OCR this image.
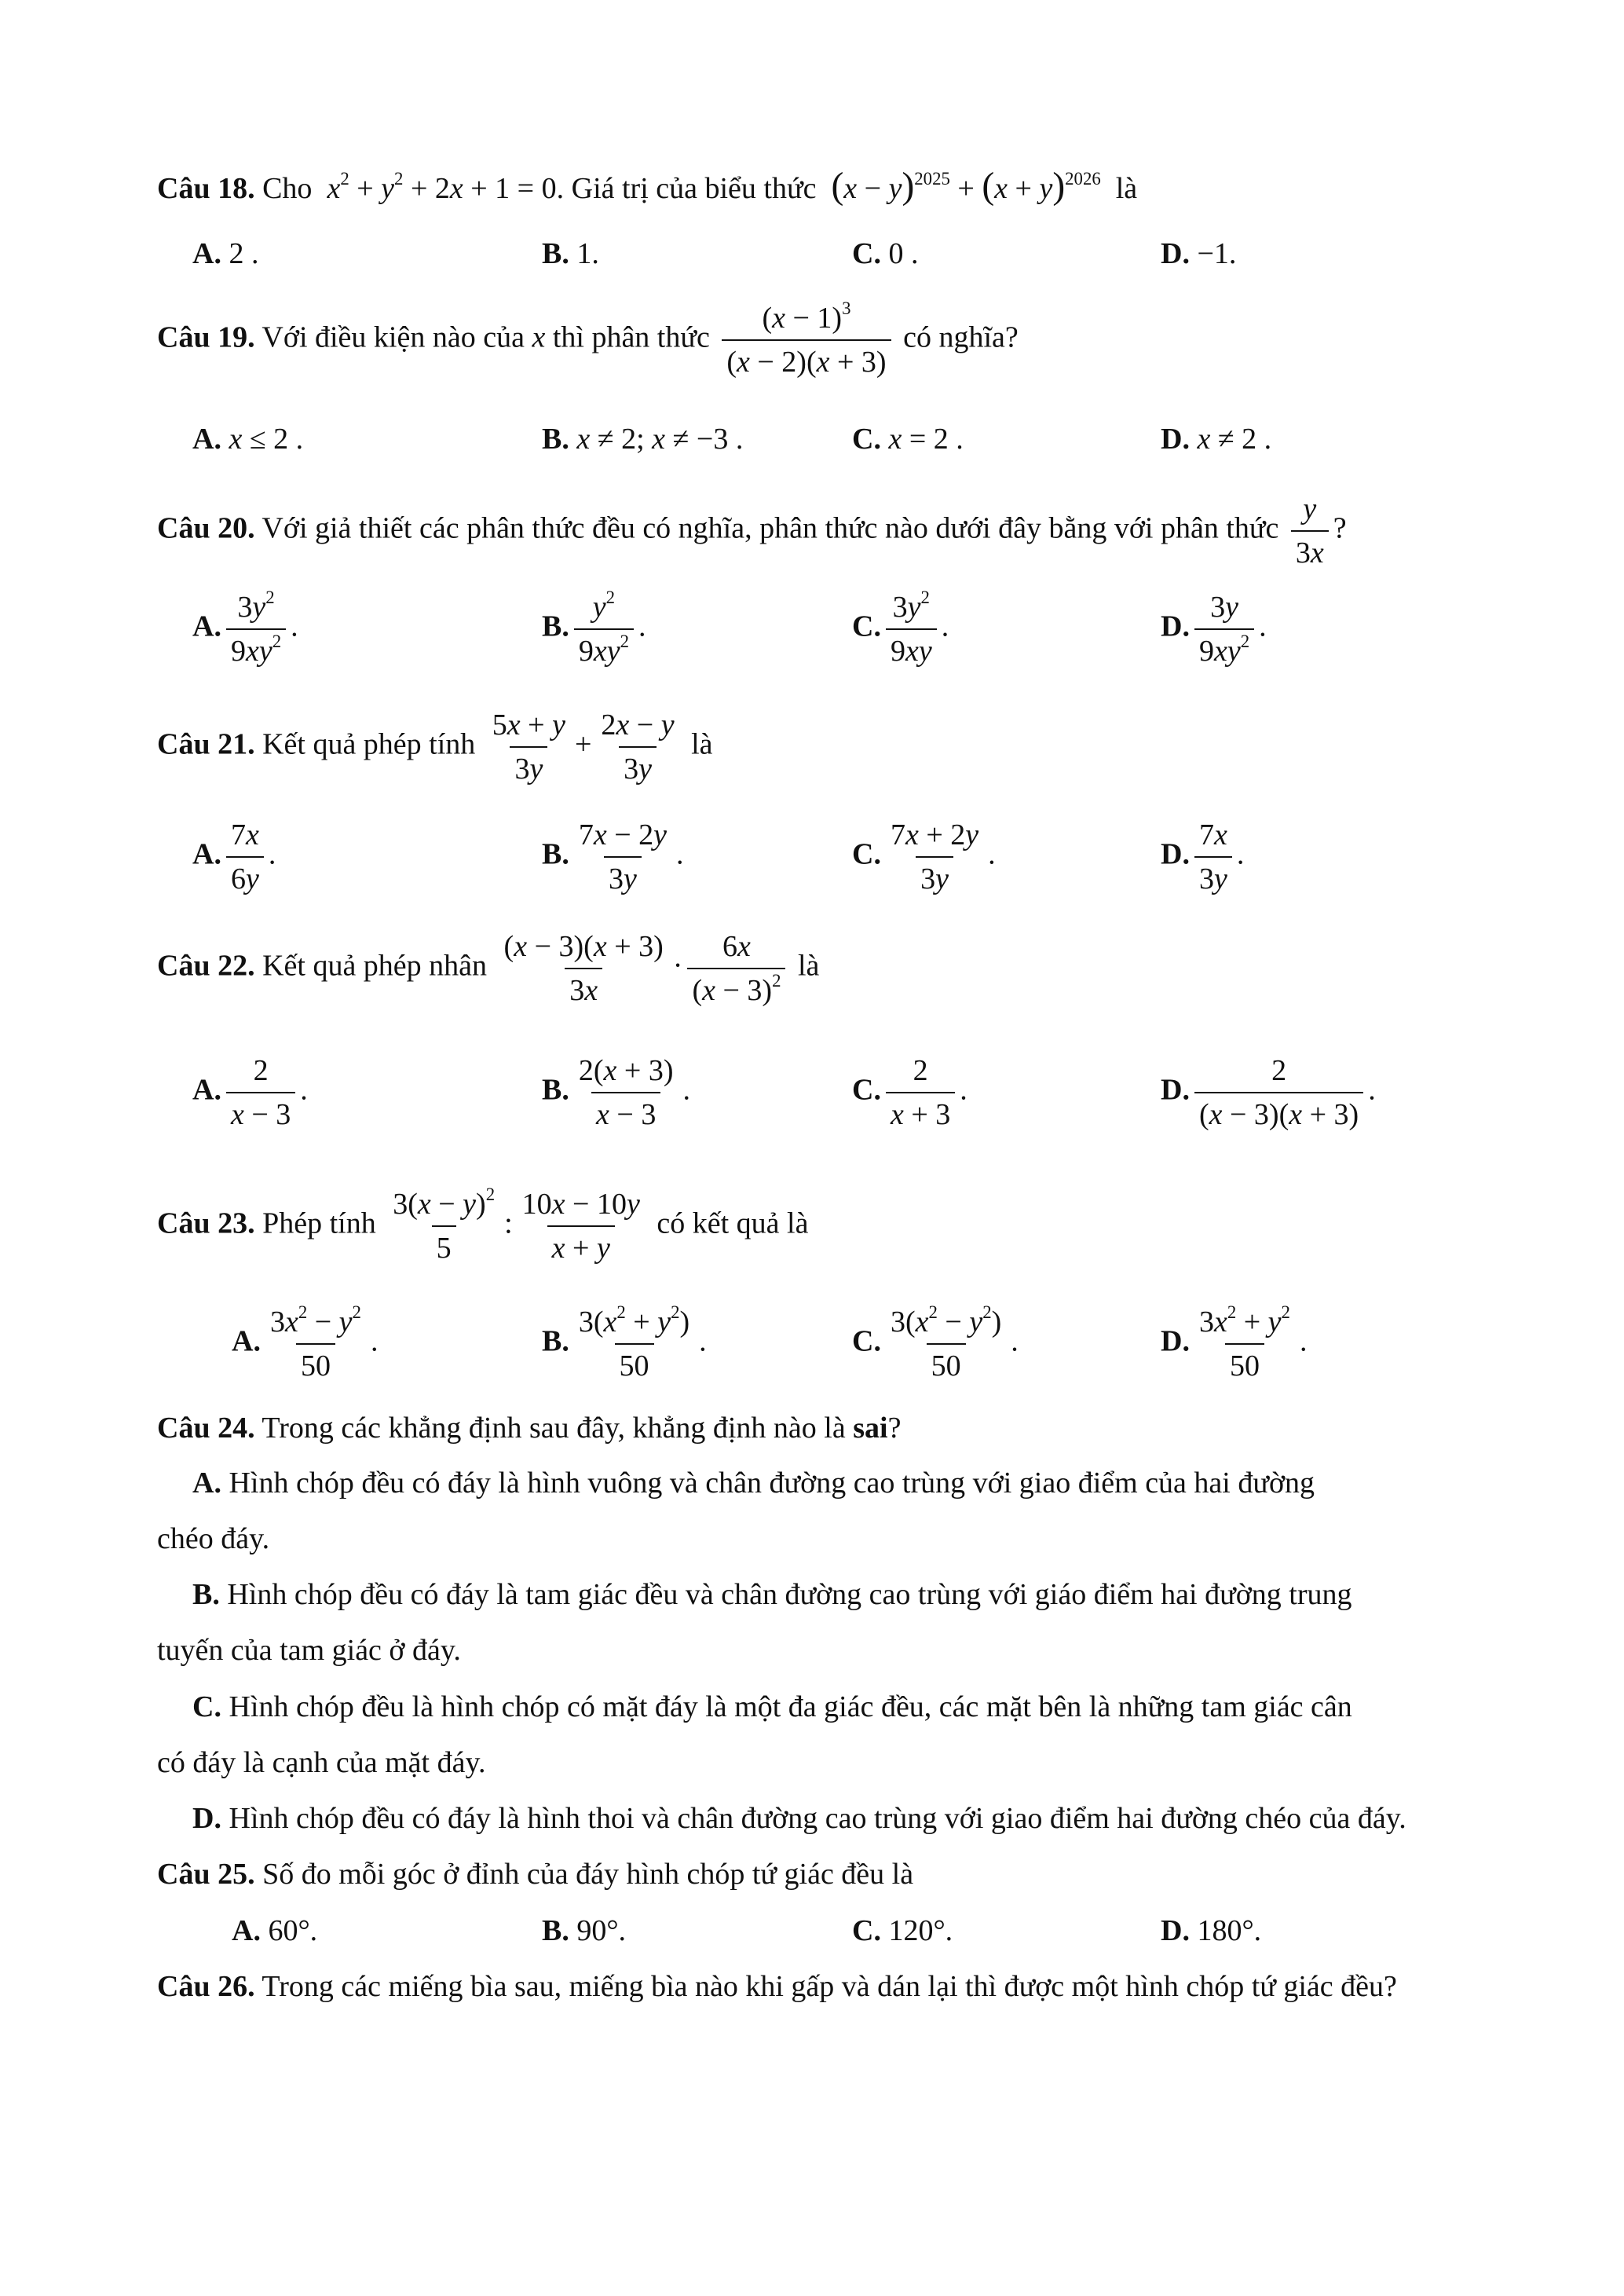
Câu 18. Cho $x^2 + y^2 + 2x + 1 = 0$. Giá trị của biểu thức $(x - y)^{2025} + (x + y)^{2026}$ là
A. 2 .	B. 1.	C. 0 .	D. −1.
Câu 19. Với điều kiện nào của x thì phân thức $\frac{(x - 1)^3}{(x - 2)(x + 3)}$ có nghĩa?
A. x ≤ 2 .	B. x ≠ 2; x ≠ −3 .	C. x = 2 .	D. x ≠ 2 .
Câu 20. Với giả thiết các phân thức đều có nghĩa, phân thức nào dưới đây bằng với phân thức $\frac{y}{3x}$ ?
A. $\frac{3y^2}{9xy^2}$ .	B. $\frac{y^2}{9xy^2}$ .	C. $\frac{3y^2}{9xy}$ .	D. $\frac{3y}{9xy^2}$ .
Câu 21. Kết quả phép tính $\frac{5x + y}{3y} + \frac{2x - y}{3y}$ là
A. $\frac{7x}{6y}$ .	B. $\frac{7x - 2y}{3y}$ .	C. $\frac{7x + 2y}{3y}$ .	D. $\frac{7x}{3y}$ .
Câu 22. Kết quả phép nhân $\frac{(x - 3)(x + 3)}{3x} \cdot \frac{6x}{(x - 3)^2}$ là
A. $\frac{2}{x - 3}$ .	B. $\frac{2(x + 3)}{x - 3}$ .	C. $\frac{2}{x + 3}$ .	D. $\frac{2}{(x - 3)(x + 3)}$ .
Câu 23. Phép tính $\frac{3(x - y)^2}{5}$ : $\frac{10x - 10y}{x + y}$ có kết quả là
A. $\frac{3x^2 - y^2}{50}$ .	B. $\frac{3(x^2 + y^2)}{50}$ .	C. $\frac{3(x^2 - y^2)}{50}$ .	D. $\frac{3x^2 + y^2}{50}$ .
Câu 24. Trong các khẳng định sau đây, khẳng định nào là sai?
A. Hình chóp đều có đáy là hình vuông và chân đường cao trùng với giao điểm của hai đường
chéo đáy.
B. Hình chóp đều có đáy là tam giác đều và chân đường cao trùng với giáo điểm hai đường trung
tuyến của tam giác ở đáy.
C. Hình chóp đều là hình chóp có mặt đáy là một đa giác đều, các mặt bên là những tam giác cân
có đáy là cạnh của mặt đáy.
D. Hình chóp đều có đáy là hình thoi và chân đường cao trùng với giao điểm hai đường chéo của đáy.
Câu 25. Số đo mỗi góc ở đỉnh của đáy hình chóp tứ giác đều là
A. 60°.	B. 90°.	C. 120°.	D. 180°.
Câu 26. Trong các miếng bìa sau, miếng bìa nào khi gấp và dán lại thì được một hình chóp tứ giác đều?
